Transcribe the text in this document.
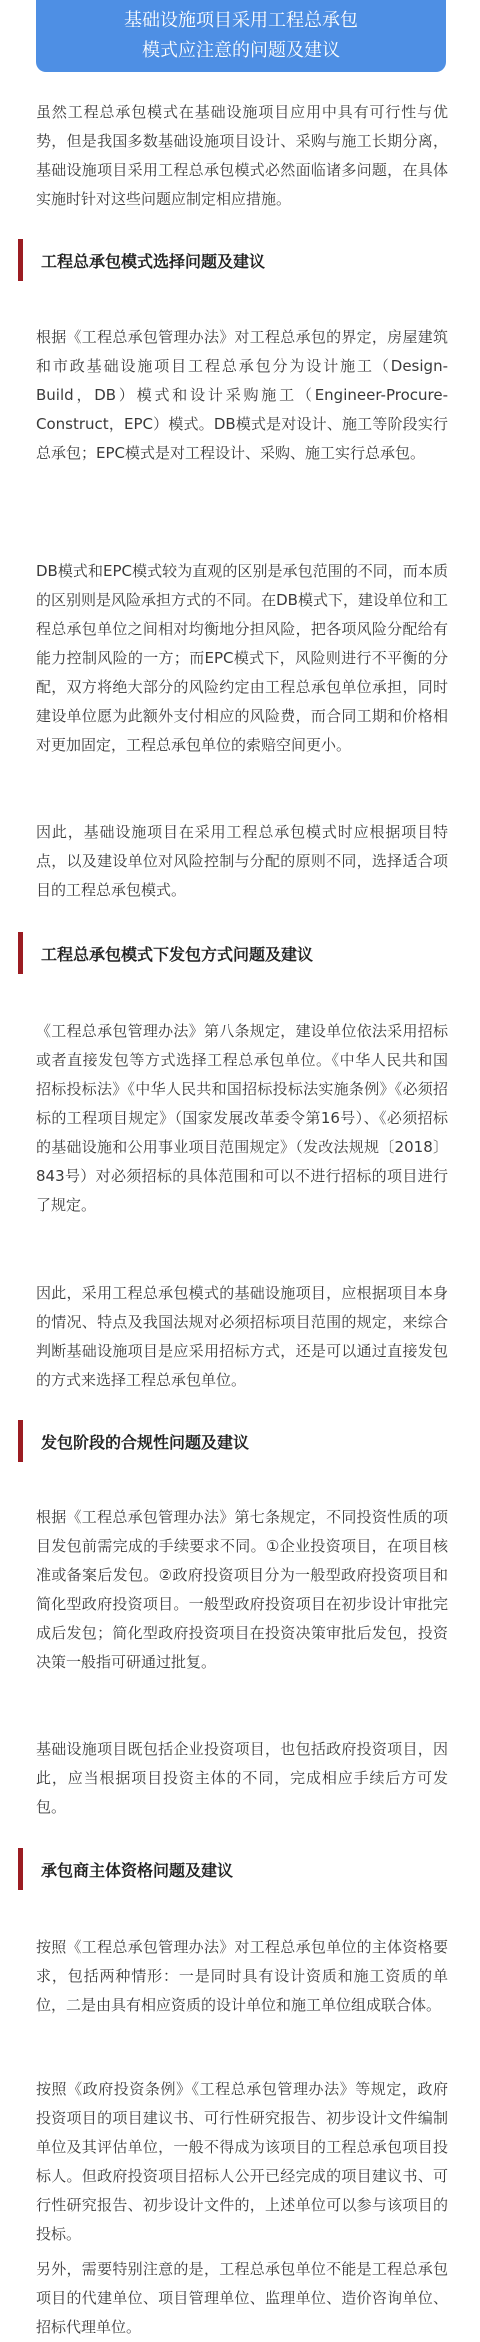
基础设施项目采用工程总承包
模式应注意的问题及建议

虽然工程总承包模式在基础设施项目应用中具有可行性与优势，但是我国多数基础设施项目设计、采购与施工长期分离，基础设施项目采用工程总承包模式必然面临诸多问题，在具体实施时针对这些问题应制定相应措施。

工程总承包模式选择问题及建议

根据《工程总承包管理办法》对工程总承包的界定，房屋建筑和市政基础设施项目工程总承包分为设计施工（Design-Build，DB）模式和设计采购施工（Engineer-Procure-Construct，EPC）模式。DB模式是对设计、施工等阶段实行总承包；EPC模式是对工程设计、采购、施工实行总承包。

DB模式和EPC模式较为直观的区别是承包范围的不同，而本质的区别则是风险承担方式的不同。在DB模式下，建设单位和工程总承包单位之间相对均衡地分担风险，把各项风险分配给有能力控制风险的一方；而EPC模式下，风险则进行不平衡的分配，双方将绝大部分的风险约定由工程总承包单位承担，同时建设单位愿为此额外支付相应的风险费，而合同工期和价格相对更加固定，工程总承包单位的索赔空间更小。

因此，基础设施项目在采用工程总承包模式时应根据项目特点，以及建设单位对风险控制与分配的原则不同，选择适合项目的工程总承包模式。

工程总承包模式下发包方式问题及建议

《工程总承包管理办法》第八条规定，建设单位依法采用招标或者直接发包等方式选择工程总承包单位。《中华人民共和国招标投标法》《中华人民共和国招标投标法实施条例》《必须招标的工程项目规定》（国家发展改革委令第16号）、《必须招标的基础设施和公用事业项目范围规定》（发改法规规〔2018〕843号）对必须招标的具体范围和可以不进行招标的项目进行了规定。

因此，采用工程总承包模式的基础设施项目，应根据项目本身的情况、特点及我国法规对必须招标项目范围的规定，来综合判断基础设施项目是应采用招标方式，还是可以通过直接发包的方式来选择工程总承包单位。

发包阶段的合规性问题及建议

根据《工程总承包管理办法》第七条规定，不同投资性质的项目发包前需完成的手续要求不同。①企业投资项目，在项目核准或备案后发包。②政府投资项目分为一般型政府投资项目和简化型政府投资项目。一般型政府投资项目在初步设计审批完成后发包；简化型政府投资项目在投资决策审批后发包，投资决策一般指可研通过批复。

基础设施项目既包括企业投资项目，也包括政府投资项目，因此，应当根据项目投资主体的不同，完成相应手续后方可发包。

承包商主体资格问题及建议

按照《工程总承包管理办法》对工程总承包单位的主体资格要求，包括两种情形：一是同时具有设计资质和施工资质的单位，二是由具有相应资质的设计单位和施工单位组成联合体。

按照《政府投资条例》《工程总承包管理办法》等规定，政府投资项目的项目建议书、可行性研究报告、初步设计文件编制单位及其评估单位，一般不得成为该项目的工程总承包项目投标人。但政府投资项目招标人公开已经完成的项目建议书、可行性研究报告、初步设计文件的，上述单位可以参与该项目的投标。

另外，需要特别注意的是，工程总承包单位不能是工程总承包项目的代建单位、项目管理单位、监理单位、造价咨询单位、招标代理单位。
